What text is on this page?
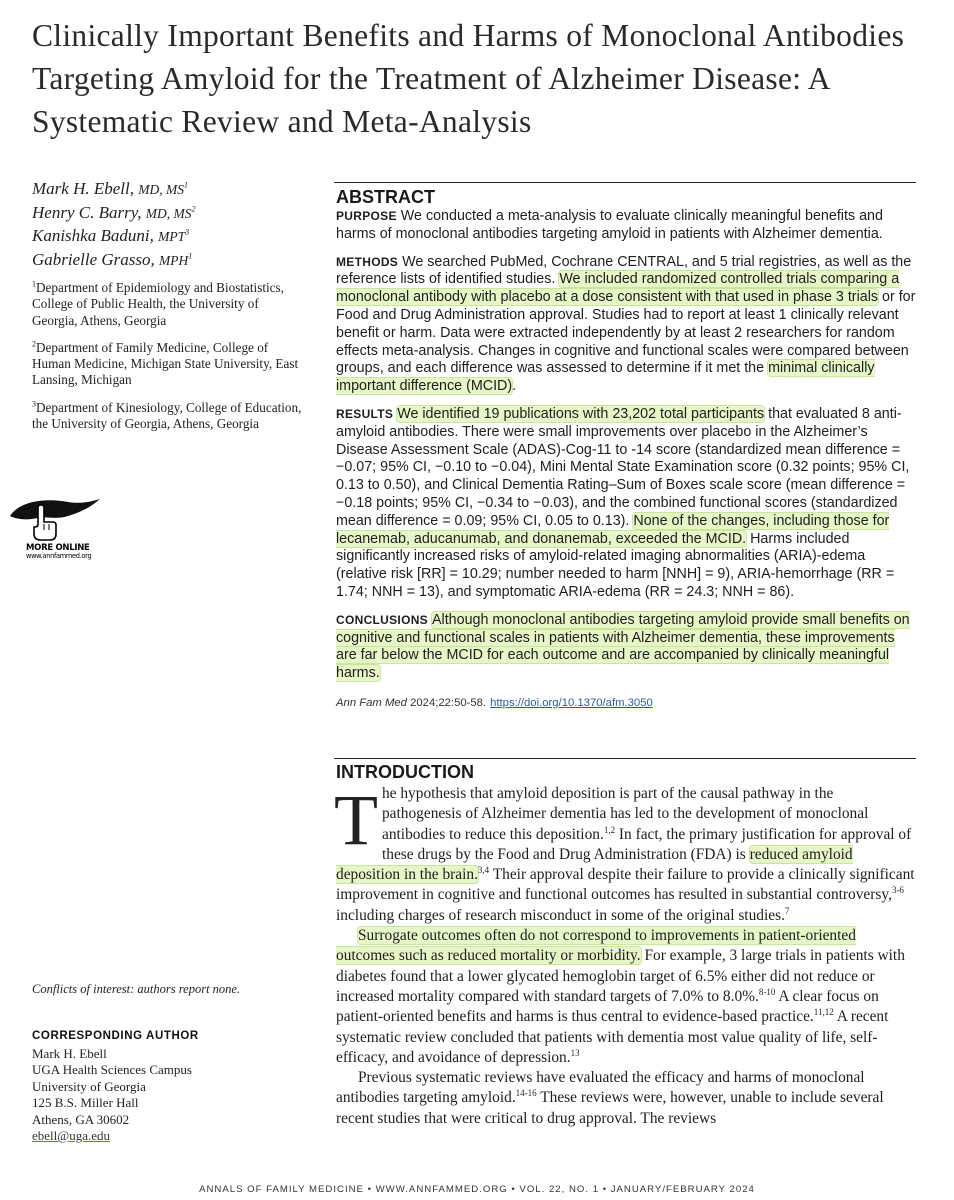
Clinically Important Benefits and Harms of Monoclonal Antibodies Targeting Amyloid for the Treatment of Alzheimer Disease: A Systematic Review and Meta-Analysis

Mark H. Ebell, MD, $MS^1$

Henry C. Barry, MD, $MS^2$

Kanishka Baduni, MPT$^3$

Gabrielle Grasso, MPH$^1$

$^1$Department of Epidemiology and Biostatistics, College of Public Health, the University of Georgia, Athens, Georgia

$^2$Department of Family Medicine, College of Human Medicine, Michigan State University, East Lansing, Michigan

$^3$Department of Kinesiology, College of Education, the University of Georgia, Athens, Georgia

MORE ONLINE
www.annfammed.org

Conflicts of interest: authors report none.

CORRESPONDING AUTHOR

Mark H. Ebell

UGA Health Sciences Campus

University of Georgia

125 B.S. Miller Hall

Athens, GA 30602

ebell@uga.edu

ABSTRACT

PURPOSE We conducted a meta-analysis to evaluate clinically meaningful benefits and harms of monoclonal antibodies targeting amyloid in patients with Alzheimer dementia.

METHODS We searched PubMed, Cochrane CENTRAL, and 5 trial registries, as well as the reference lists of identified studies. We included randomized controlled trials comparing a monoclonal antibody with placebo at a dose consistent with that used in phase 3 trials or for Food and Drug Administration approval. Studies had to report at least 1 clinically relevant benefit or harm. Data were extracted independently by at least 2 researchers for random effects meta-analysis. Changes in cognitive and functional scales were compared between groups, and each difference was assessed to determine if it met the minimal clinically important difference (MCID).

RESULTS We identified 19 publications with 23,202 total participants that evaluated 8 anti-amyloid antibodies. There were small improvements over placebo in the Alzheimer’s Disease Assessment Scale (ADAS)-Cog-11 to -14 score (standardized mean difference = −0.07; 95% CI, −0.10 to −0.04), Mini Mental State Examination score (0.32 points; 95% CI, 0.13 to 0.50), and Clinical Dementia Rating–Sum of Boxes scale score (mean difference = −0.18 points; 95% CI, −0.34 to −0.03), and the combined functional scores (standardized mean difference = 0.09; 95% CI, 0.05 to 0.13). None of the changes, including those for lecanemab, aducanumab, and donanemab, exceeded the MCID. Harms included significantly increased risks of amyloid-related imaging abnormalities (ARIA)-edema (relative risk [RR] = 10.29; number needed to harm [NNH] = 9), ARIA-hemorrhage (RR = 1.74; NNH = 13), and symptomatic ARIA-edema (RR = 24.3; NNH = 86).

CONCLUSIONS Although monoclonal antibodies targeting amyloid provide small benefits on cognitive and functional scales in patients with Alzheimer dementia, these improvements are far below the MCID for each outcome and are accompanied by clinically meaningful harms.

Ann Fam Med 2024;22:50-58. https://doi.org/10.1370/afm.3050

INTRODUCTION

The hypothesis that amyloid deposition is part of the causal pathway in the pathogenesis of Alzheimer dementia has led to the development of monoclonal antibodies to reduce this deposition.$^{1,2}$ In fact, the primary justification for approval of these drugs by the Food and Drug Administration (FDA) is reduced amyloid deposition in the brain.$^{3,4}$ Their approval despite their failure to provide a clinically significant improvement in cognitive and functional outcomes has resulted in substantial controversy,$^{3-6}$ including charges of research misconduct in some of the original studies.$^7$

Surrogate outcomes often do not correspond to improvements in patient-oriented outcomes such as reduced mortality or morbidity. For example, 3 large trials in patients with diabetes found that a lower glycated hemoglobin target of 6.5% either did not reduce or increased mortality compared with standard targets of 7.0% to 8.0%.$^{8-10}$ A clear focus on patient-oriented benefits and harms is thus central to evidence-based practice.$^{11,12}$ A recent systematic review concluded that patients with dementia most value quality of life, self-efficacy, and avoidance of depression.$^{13}$

Previous systematic reviews have evaluated the efficacy and harms of monoclonal antibodies targeting amyloid.$^{14-16}$ These reviews were, however, unable to include several recent studies that were critical to drug approval. The reviews

ANNALS OF FAMILY MEDICINE • WWW.ANNFAMMED.ORG • VOL. 22, NO. 1 • JANUARY/FEBRUARY 2024
